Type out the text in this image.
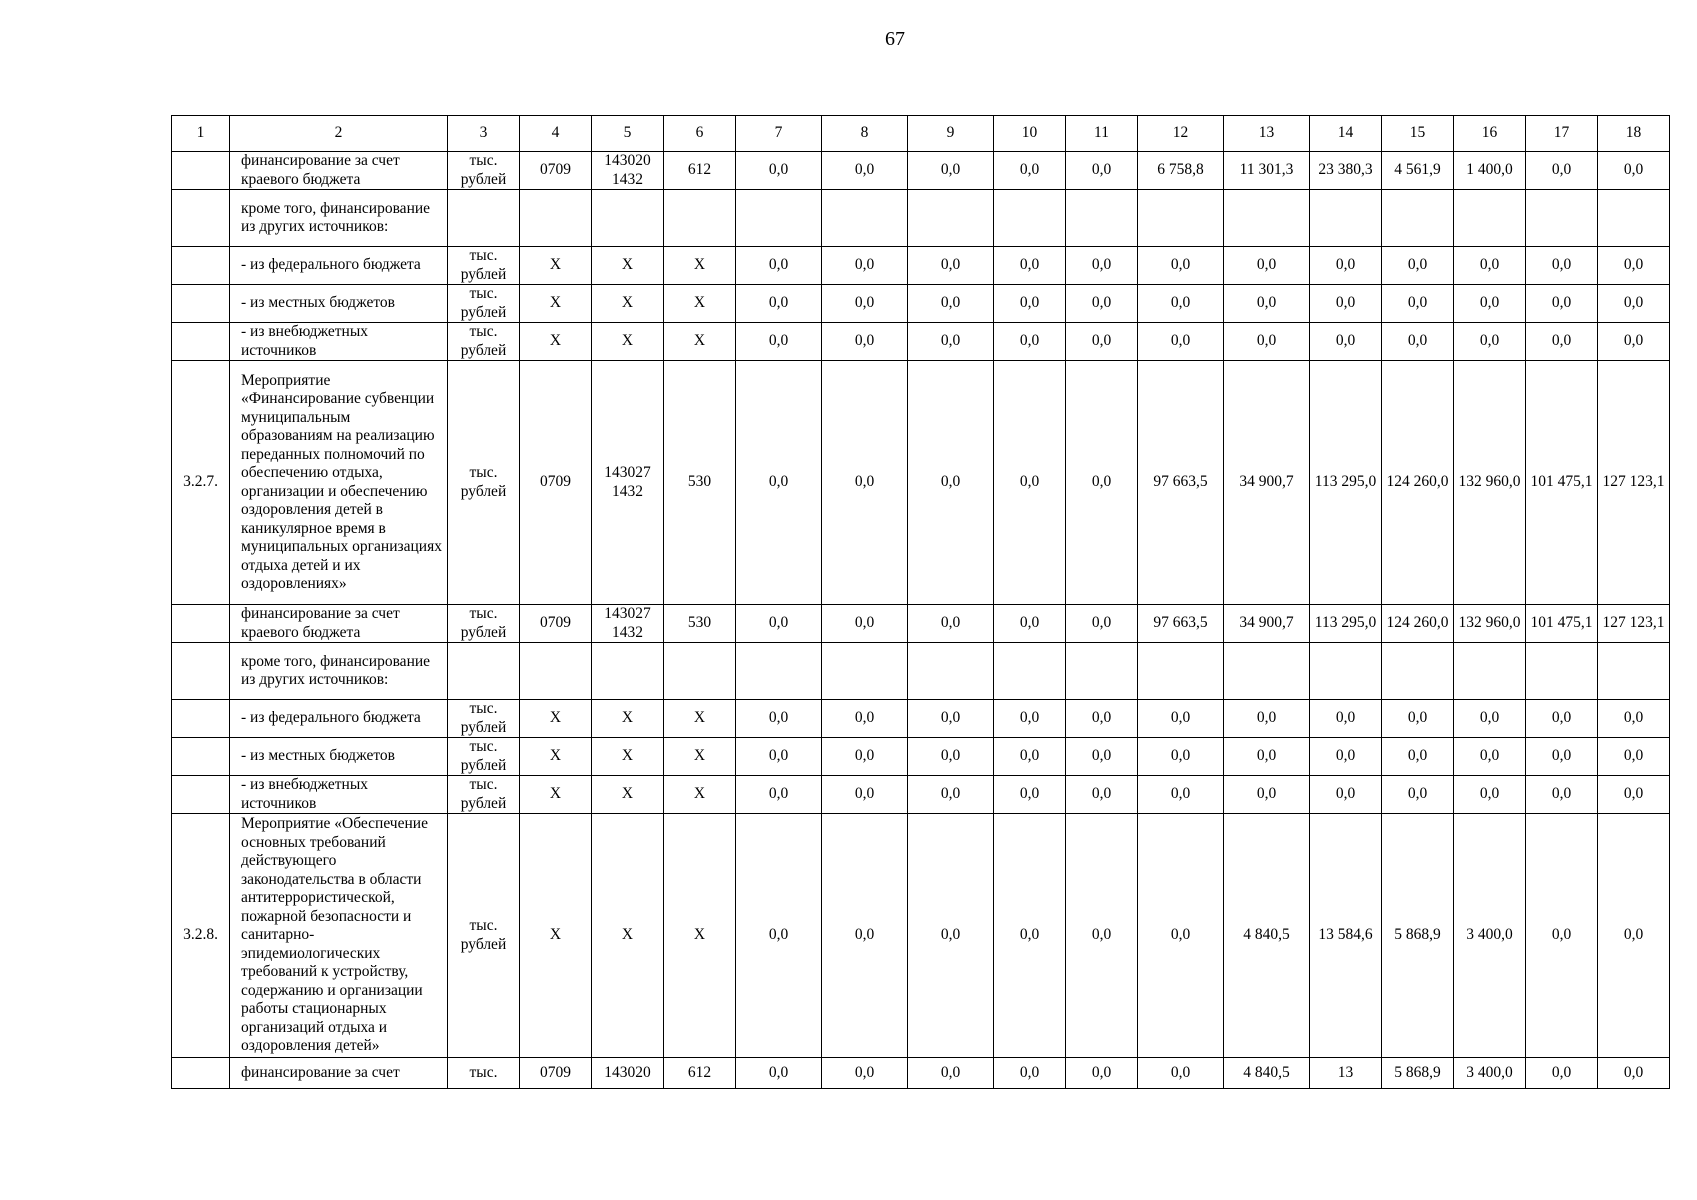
67
1	2	3	4	5	6	7	8	9	10	11	12	13	14	15	16	17	18
	финансирование за счет краевого бюджета	тыс. рублей	0709	143020 1432	612	0,0	0,0	0,0	0,0	0,0	6 758,8	11 301,3	23 380,3	4 561,9	1 400,0	0,0	0,0
	кроме того, финансирование из других источников:																
	- из федерального бюджета	тыс. рублей	X	X	X	0,0	0,0	0,0	0,0	0,0	0,0	0,0	0,0	0,0	0,0	0,0	0,0
	- из местных бюджетов	тыс. рублей	X	X	X	0,0	0,0	0,0	0,0	0,0	0,0	0,0	0,0	0,0	0,0	0,0	0,0
	- из внебюджетных источников	тыс. рублей	X	X	X	0,0	0,0	0,0	0,0	0,0	0,0	0,0	0,0	0,0	0,0	0,0	0,0
3.2.7.	Мероприятие «Финансирование субвенции муниципальным образованиям на реализацию переданных полномочий по обеспечению отдыха, организации и обеспечению оздоровления детей в каникулярное время в муниципальных организациях отдыха детей и их оздоровлениях»	тыс. рублей	0709	143027 1432	530	0,0	0,0	0,0	0,0	0,0	97 663,5	34 900,7	113 295,0	124 260,0	132 960,0	101 475,1	127 123,1
	финансирование за счет краевого бюджета	тыс. рублей	0709	143027 1432	530	0,0	0,0	0,0	0,0	0,0	97 663,5	34 900,7	113 295,0	124 260,0	132 960,0	101 475,1	127 123,1
	кроме того, финансирование из других источников:																
	- из федерального бюджета	тыс. рублей	X	X	X	0,0	0,0	0,0	0,0	0,0	0,0	0,0	0,0	0,0	0,0	0,0	0,0
	- из местных бюджетов	тыс. рублей	X	X	X	0,0	0,0	0,0	0,0	0,0	0,0	0,0	0,0	0,0	0,0	0,0	0,0
	- из внебюджетных источников	тыс. рублей	X	X	X	0,0	0,0	0,0	0,0	0,0	0,0	0,0	0,0	0,0	0,0	0,0	0,0
3.2.8.	Мероприятие «Обеспечение основных требований действующего законодательства в области антитеррористической, пожарной безопасности и санитарно-эпидемиологических требований к устройству, содержанию и организации работы стационарных организаций отдыха и оздоровления детей»	тыс. рублей	X	X	X	0,0	0,0	0,0	0,0	0,0	0,0	4 840,5	13 584,6	5 868,9	3 400,0	0,0	0,0
	финансирование за счет	тыс.	0709	143020	612	0,0	0,0	0,0	0,0	0,0	0,0	4 840,5	13	5 868,9	3 400,0	0,0	0,0
